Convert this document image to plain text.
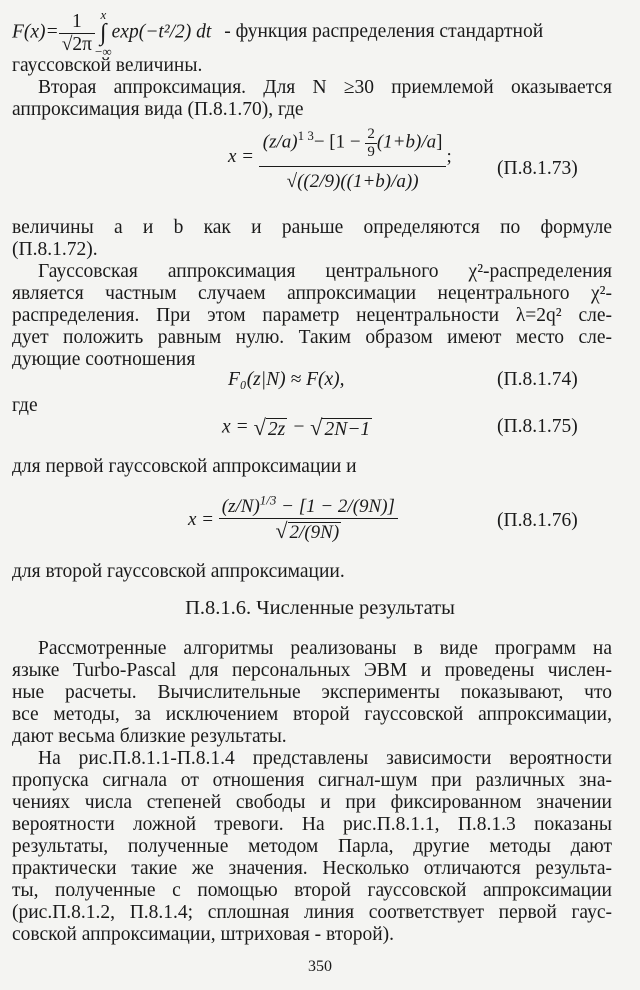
$F(x)= \frac{1}{√2\pi}$ x
∫
−∞
exp(−t²/2) dt - функция распределения стандартной
гауссовской величины.
Вторая аппроксимация. Для N ≥30 приемлемой оказывается
аппроксимация вида (П.8.1.70), где
$x = \frac{(z/a)^{1 3}- [1 - \frac{2}{9} (1+b)/a]}{√((2/9)((1+b)/a))}$ ;
(П.8.1.73)
величины a и b как и раньше определяются по формуле
(П.8.1.72).
Гауссовская аппроксимация центрального χ²-распределения
является частным случаем аппроксимации нецентрального χ²-
распределения. При этом параметр нецентральности λ=2q² сле-
дует положить равным нулю. Таким образом имеют место сле-
дующие соотношения
F₀(z|N) ≈ F(x),	(П.8.1.74)
где
x = √ 2z − √ 2N−1	(П.8.1.75)
для первой гауссовской аппроксимации и
$x = \frac{(z/N)^{1/3} - [1 - 2/(9N)]}{√ 2/(9N)}$	(П.8.1.76)
для второй гауссовской аппроксимации.
П.8.1.6. Численные результаты
Рассмотренные алгоритмы реализованы в виде программ на
языке Turbo-Pascal для персональных ЭВМ и проведены числен-
ные расчеты. Вычислительные эксперименты показывают, что
все методы, за исключением второй гауссовской аппроксимации,
дают весьма близкие результаты.
На рис.П.8.1.1-П.8.1.4 представлены зависимости вероятности
пропуска сигнала от отношения сигнал-шум при различных зна-
чениях числа степеней свободы и при фиксированном значении
вероятности ложной тревоги. На рис.П.8.1.1, П.8.1.3 показаны
результаты, полученные методом Парла, другие методы дают
практически такие же значения. Несколько отличаются результа-
ты, полученные с помощью второй гауссовской аппроксимации
(рис.П.8.1.2, П.8.1.4; сплошная линия соответствует первой гаус-
совской аппроксимации, штриховая - второй).
350
